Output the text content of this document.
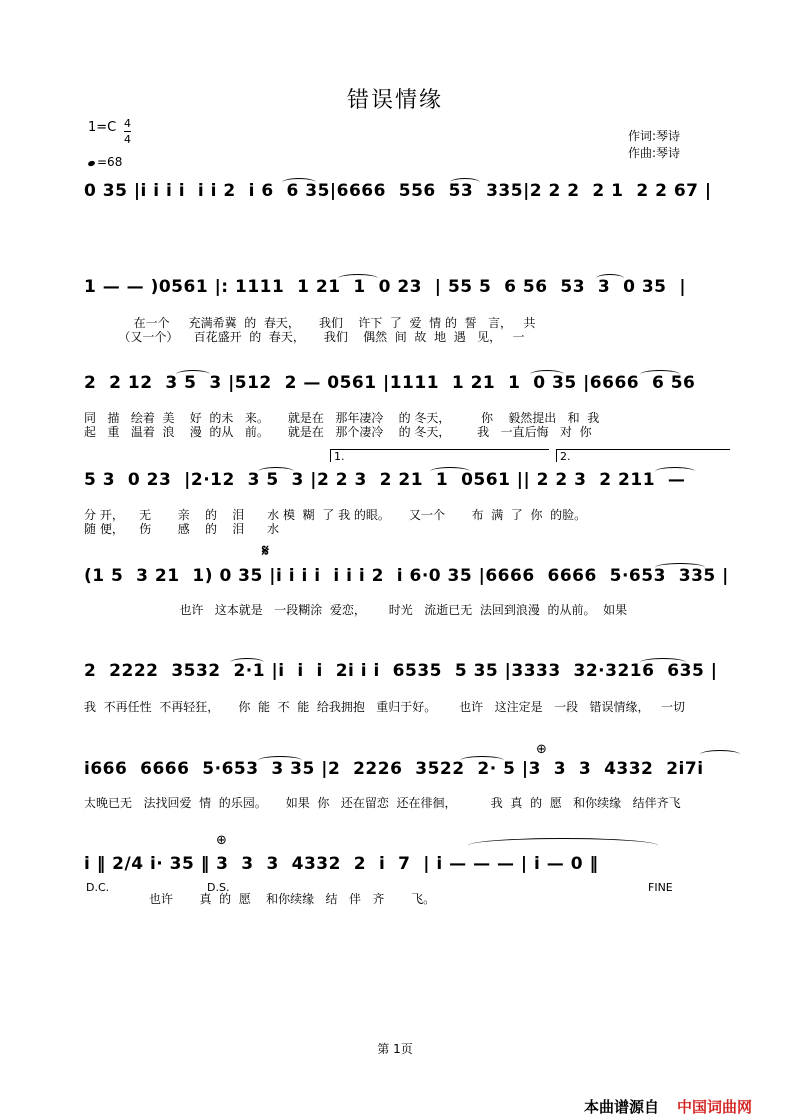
错误情缘
$1=C \frac{4}{4}$
=68
作词:琴诗
作曲:琴诗
0 35 |i i i i  i i 2  i 6  6 35|6666  556  53  335|2 2 2  2 1  2 2 67 |
1 — — )0561 |: 1111  1 21  1  0 23  | 55 5  6 56  53  3  0 35  |
在一个     充满希冀  的  春天，     我们    许下  了  爱  情 的  誓   言，   共
（又一个）    百花盛开  的  春天，     我们    偶然  间  故  地  遇   见，   一
2  2 12  3 5  3 |512  2 — 0561 |1111  1 21  1  0 35 |6666  6 56
同   描   绘着  美    好  的未   来。     就是在   那年凄冷    的 冬天，        你    毅然提出   和  我
起   重   温着  浪    漫  的从   前。     就是在   那个凄冷    的 冬天，       我   一直后悔   对  你
1.	2.
5 3  0 23  |2·12  3 5  3 |2 2 3  2 21  1  0561 || 2 2 3  2 211  —
分 开，    无       亲    的    泪      水 模  糊  了 我 的眼。     又一个       布  满  了  你  的脸。
随 便，    伤       感    的    泪      水
𝄋
(1 5  3 21  1) 0 35 |i i i i  i i i 2  i 6·0 35 |6666  6666  5·653  335 |
也许   这本就是   一段糊涂  爱恋，      时光   流逝已无  法回到浪漫  的从前。  如果
2  2222  3532  2·1 |i  i  i  2i i i  6535  5 35 |3333  32·3216  635 |
我  不再任性  不再轻狂，     你  能  不  能  给我拥抱   重归于好。      也许   这注定是   一段   错误情缘，   一切
⊕
i666  6666  5·653  3 35 |2  2226  3522  2· 5 |3  3  3  4332  2i7i
太晚已无   法找回爱  情  的乐园。     如果  你   还在留恋  还在徘徊，         我  真  的  愿   和你续缘   结伴齐飞
⊕
i ‖ 2/4 i· 35 ‖ 3  3  3  4332  2  i  7  | i — — — | i — 0 ‖
D.C.	D.S.	FINE
也许       真  的  愿    和你续缘   结   伴   齐       飞。
第 1页
本曲谱源自 中国词曲网
